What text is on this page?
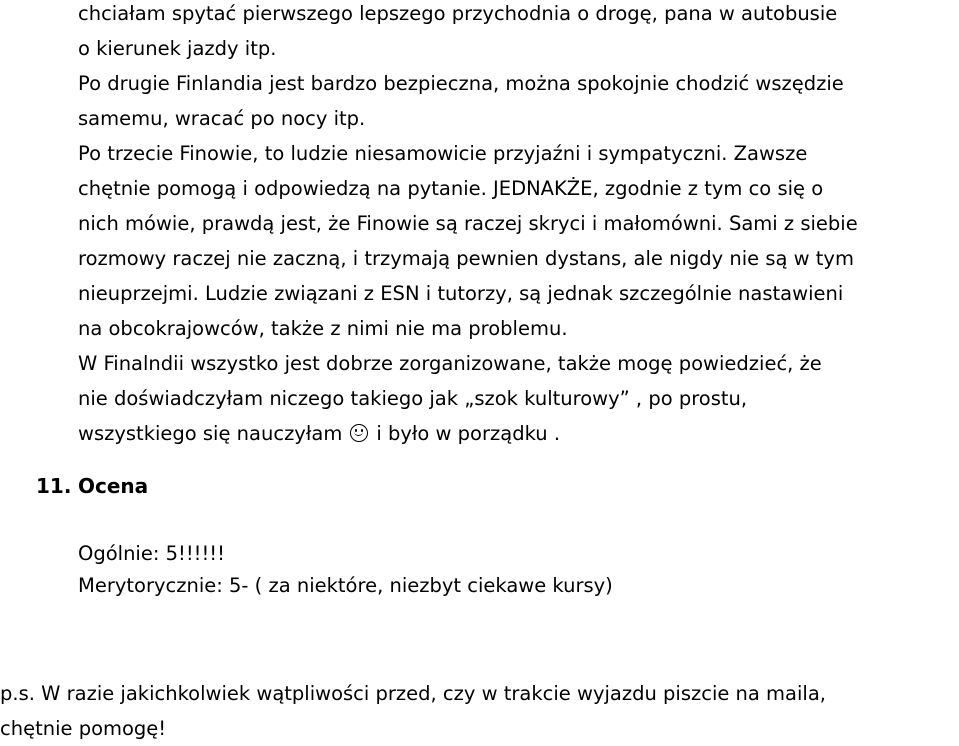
chciałam spytać pierwszego lepszego przychodnia o drogę, pana w autobusie
o kierunek jazdy itp.
Po drugie Finlandia jest bardzo bezpieczna, można spokojnie chodzić wszędzie
samemu, wracać po nocy itp.
Po trzecie Finowie, to ludzie niesamowicie przyjaźni i sympatyczni. Zawsze
chętnie pomogą i odpowiedzą na pytanie. JEDNAKŻE, zgodnie z tym co się o
nich mówie, prawdą jest, że Finowie są raczej skryci i małomówni. Sami z siebie
rozmowy raczej nie zaczną, i trzymają pewnien dystans, ale nigdy nie są w tym
nieuprzejmi. Ludzie związani z ESN i tutorzy, są jednak szczególnie nastawieni
na obcokrajowców, także z nimi nie ma problemu.
W Finalndii wszystko jest dobrze zorganizowane, także mogę powiedzieć, że
nie doświadczyłam niczego takiego jak „szok kulturowy” , po prostu,
wszystkiego się nauczyłam i było w porządku .
11. Ocena
Ogólnie: 5!!!!!!
Merytorycznie: 5- ( za niektóre, niezbyt ciekawe kursy)
p.s. W razie jakichkolwiek wątpliwości przed, czy w trakcie wyjazdu piszcie na maila,
chętnie pomogę!
